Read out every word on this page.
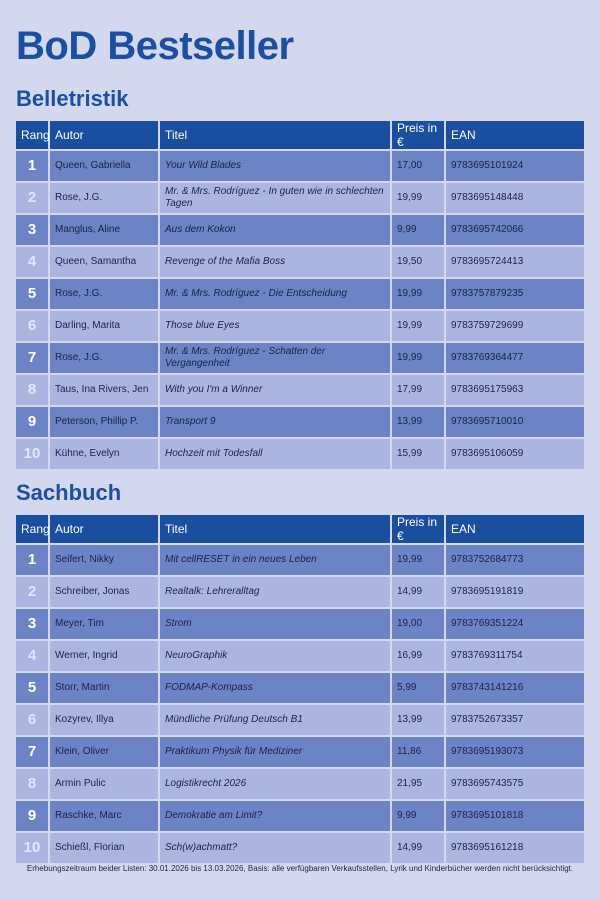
BoD Bestseller
Belletristik
Rang	Autor	Titel	Preis in €	EAN
1	Queen, Gabriella	Your Wild Blades	17,00	9783695101924
2	Rose, J.G.	Mr. & Mrs. Rodríguez - In guten wie in schlechten Tagen	19,99	9783695148448
3	Manglus, Aline	Aus dem Kokon	9,99	9783695742066
4	Queen, Samantha	Revenge of the Mafia Boss	19,50	9783695724413
5	Rose, J.G.	Mr. & Mrs. Rodríguez - Die Entscheidung	19,99	9783757879235
6	Darling, Marita	Those blue Eyes	19,99	9783759729699
7	Rose, J.G.	Mr. & Mrs. Rodríguez - Schatten der Vergangenheit	19,99	9783769364477
8	Taus, Ina Rivers, Jen	With you I'm a Winner	17,99	9783695175963
9	Peterson, Phillip P.	Transport 9	13,99	9783695710010
10	Kühne, Evelyn	Hochzeit mit Todesfall	15,99	9783695106059
Sachbuch
Rang	Autor	Titel	Preis in €	EAN
1	Seifert, Nikky	Mit cellRESET in ein neues Leben	19,99	9783752684773
2	Schreiber, Jonas	Realtalk: Lehreralltag	14,99	9783695191819
3	Meyer, Tim	Strom	19,00	9783769351224
4	Werner, Ingrid	NeuroGraphik	16,99	9783769311754
5	Storr, Martin	FODMAP-Kompass	5,99	9783743141216
6	Kozyrev, Illya	Mündliche Prüfung Deutsch B1	13,99	9783752673357
7	Klein, Oliver	Praktikum Physik für Mediziner	11,86	9783695193073
8	Armin Pulic	Logistikrecht 2026	21,95	9783695743575
9	Raschke, Marc	Demokratie am Limit?	9,99	9783695101818
10	Schießl, Florian	Sch(w)achmatt?	14,99	9783695161218
Erhebungszeitraum beider Listen: 30.01.2026 bis 13.03.2026, Basis: alle verfügbaren Verkaufsstellen, Lyrik und Kinderbücher werden nicht berücksichtigt.
